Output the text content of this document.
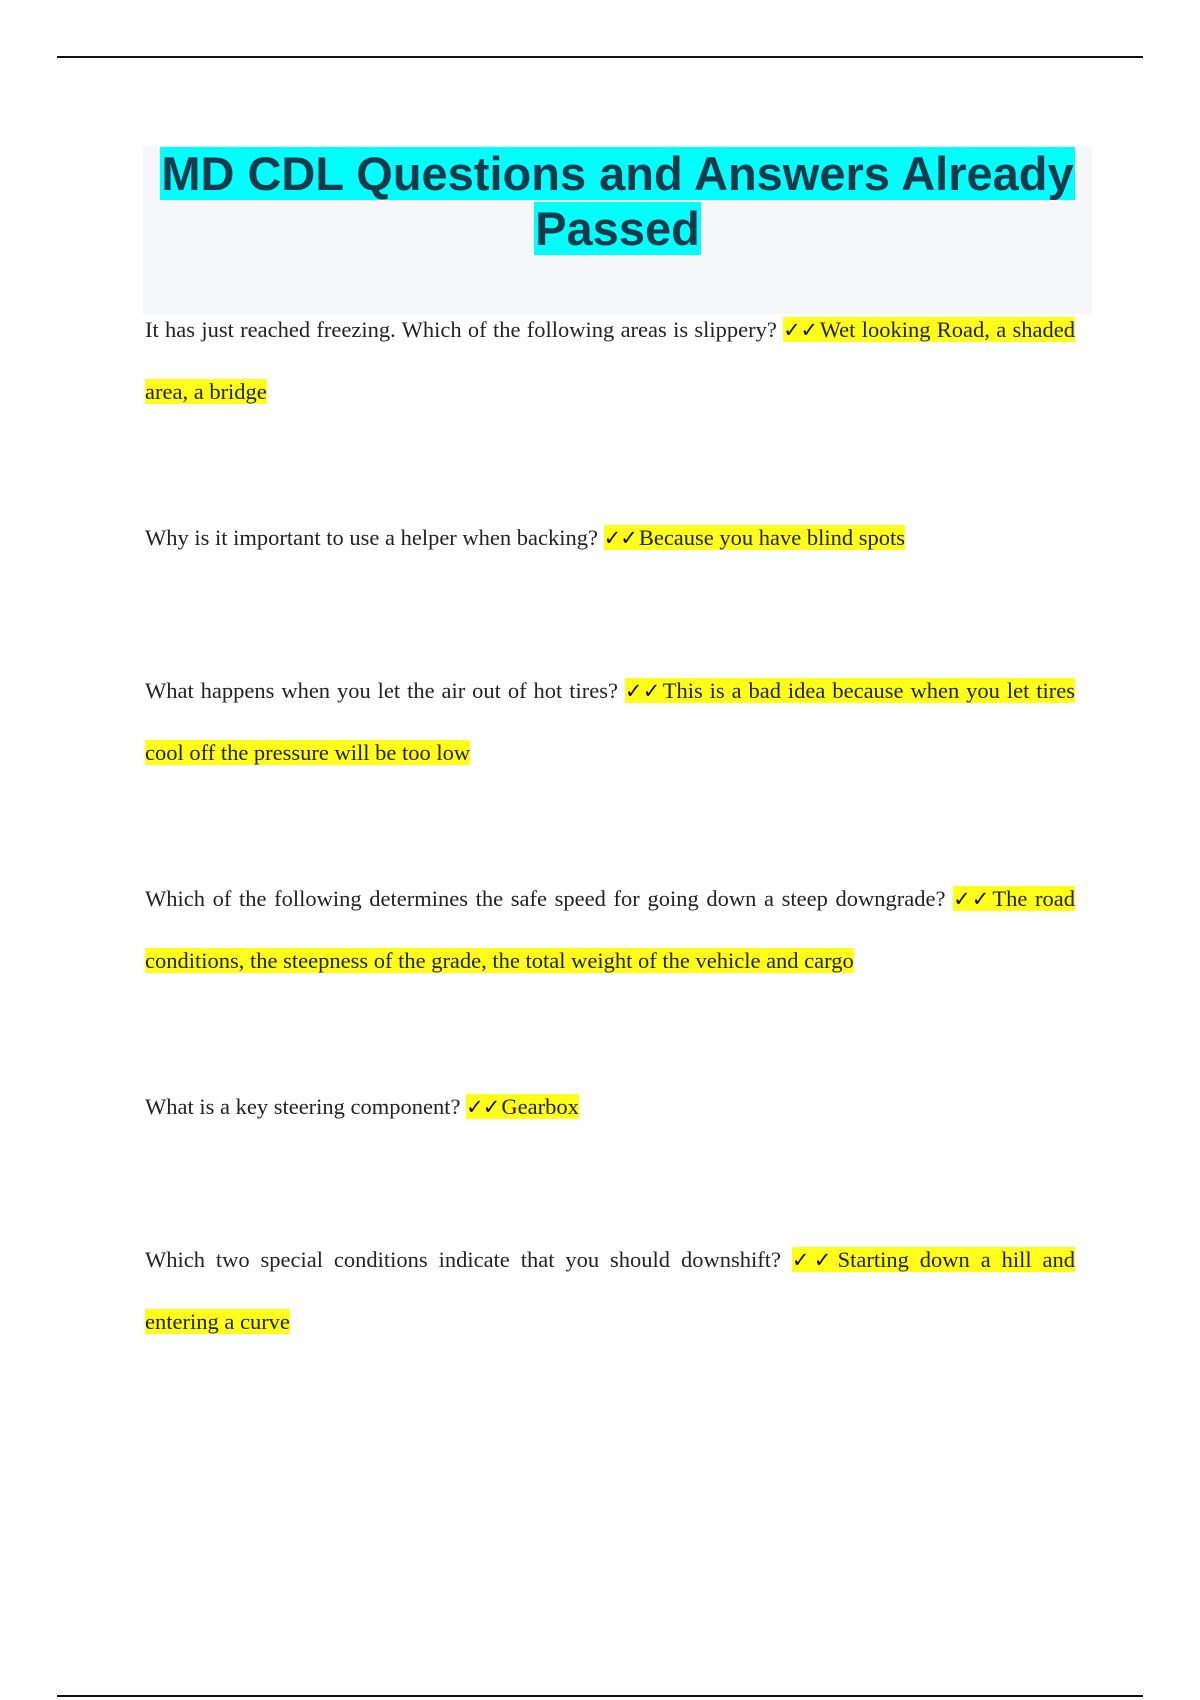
MD CDL Questions and Answers Already
Passed

It has just reached freezing. Which of the following areas is slippery? ✓✓Wet looking Road, a shaded area, a bridge

Why is it important to use a helper when backing? ✓✓Because you have blind spots

What happens when you let the air out of hot tires? ✓✓This is a bad idea because when you let tires cool off the pressure will be too low

Which of the following determines the safe speed for going down a steep downgrade? ✓✓The road conditions, the steepness of the grade, the total weight of the vehicle and cargo

What is a key steering component? ✓✓Gearbox

Which two special conditions indicate that you should downshift? ✓✓Starting down a hill and entering a curve
